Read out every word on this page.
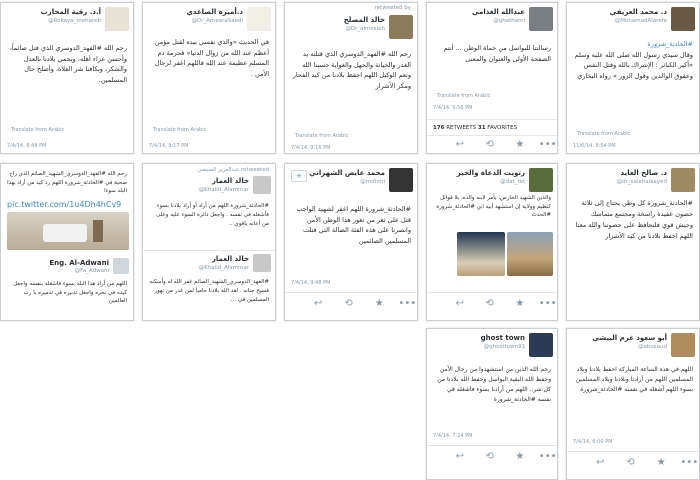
أ.د. رقية المحارب
@Rokaya_mohareb
رحم الله #الفهد_الدوسري الذي قتل صائماً، وأحسن عزاء أهله، ويحمي بلادنا بالعدل والشكر، وبكافنا شر الغلاة، وأصلح حال المسلمين.
Translate from Arabic
7/4/14, 8:48 PM
د.أميرة الصاعدي
@Dr_AmeeraSaedi
في الحديث «والذي نفسي بيده لقتل مؤمن أعظم عند الله من زوال الدنيا» فحرمة دم المسلم عظيمة عند الله فاللهم اغفر لرجال الأمن .
Translate from Arabic
7/4/14, 9:17 PM
retweeted by
خالد المصلح
@Dr_almosleh
رحم الله #الفهد_الدوسري الذي قتلته يد الغدر والخيانة والجهل والغواية حسبنا الله ونعم الوكيل اللهم احفظ بلادنا من كيد الفجار ومكر الأشرار
Translate from Arabic
7/4/14, 9:16 PM
عبدالله الغذامي
@ghathami
رسالتنا للبواسل من حماة الوطن ... أنتم الصفحة الأولى والعنوان والمعنى
Translate from Arabic
7/4/14, 5:56 PM
176 RETWEETS 31 FAVORITES
↩ ⟲ ★ •••
د. محمد العريفي
@MohamadAlarefe
#الحادثة_شرورة
وقال سيدي رسول الله صلى الله عليه وسلم «أكبر الكبائر : الإشراك بالله وقتل النفس وعقوق الوالدين وقول الزور » رواه البخاري
Translate from Arabic
11/6/14, 8:54 PM
رحم الله #الفهد_الدوسري_الشهيد_الصائم الذي راح ضحية في #الحادثة_شرورة اللهم رد كيد من أراد بهذا البلد سوءا
pic.twitter.com/1u4Dh4hCv9
Eng. Al-Adwani
@Fa_Adwani
اللهم من أراد هذا البلد بسوء فاشغله بنفسه واجعل كيده في نحره واجعل تدبيره في تدميره يا رب العالمين
عبدالعزيز الصيصي retweeted
خالد العمار
@Khalid_Alammar
#الحادثة_شرورة اللهم من أراد أو أراد بلادنا بسوء فأشغله في نفسه . واجعل دائرة السوء عليه وعلى من أعانه ياقوي ..
خالد العمار
@Khalid_Alammar
#الفهد_الدوسري_الشهيد_الصائم غفر الله له وأسكنه فسيح جنانه . لقد الله بلادنا حامياً لمن غدر من تهور المسلمين في ...
+	محمد عايض الشهراني
@mdhmi
#الحادثة_شرورة اللهم اغفر لشهيد الواجب قتل على ثغر من ثغور هذا الوطن الأمن وانصرنا على هذه الفئة الضالة التي قتلت المسلمين الصائمين
7/4/14, 9:48 PM
↩ ⟲ ★ •••
رتويت الدعاة والخير
@dat_ret
والدين الشهيد الحارس: بأمر لابنه والده، بلا فوائل كنظيم وولاية إن استشهد أبيه ابن #الحادثة_شرورة #الحدث
↩ ⟲ ★ •••
د. صالح العايد
@dr_salehalaayed
#الحادثة_شرورة كل وطن يحتاج إلى ثلاثة حصون عقيدة راسخة ومجتمع متماسك وجيش قوي فلنحافظ على حصوننا والله معنا اللهم احفظ بلادنا من كيد الأشرار
ghost town
@ghosttown91
رحم الله الذين من استشهدوا من رجال الأمن وحفظ الله البقية البواسل وحفظ الله بلادنا من كل شر.. اللهم من أرادنا بسوء فاشغله في نفسه #الحادثة_شرورة
7/4/14, 7:24 PM
↩ ⟲ ★ •••
أبو سعود غرم البيشي
@abusaud
اللهم في هذه الساعة المباركة احفظ بلادنا وبلاد المسلمين اللهم من أرادنا وبلادنا وبلاد المسلمين بسوء اللهم أشغله في نفسه #الحادثة_شرورة
7/4/14, 6:00 PM
↩ ⟲ ★ •••
